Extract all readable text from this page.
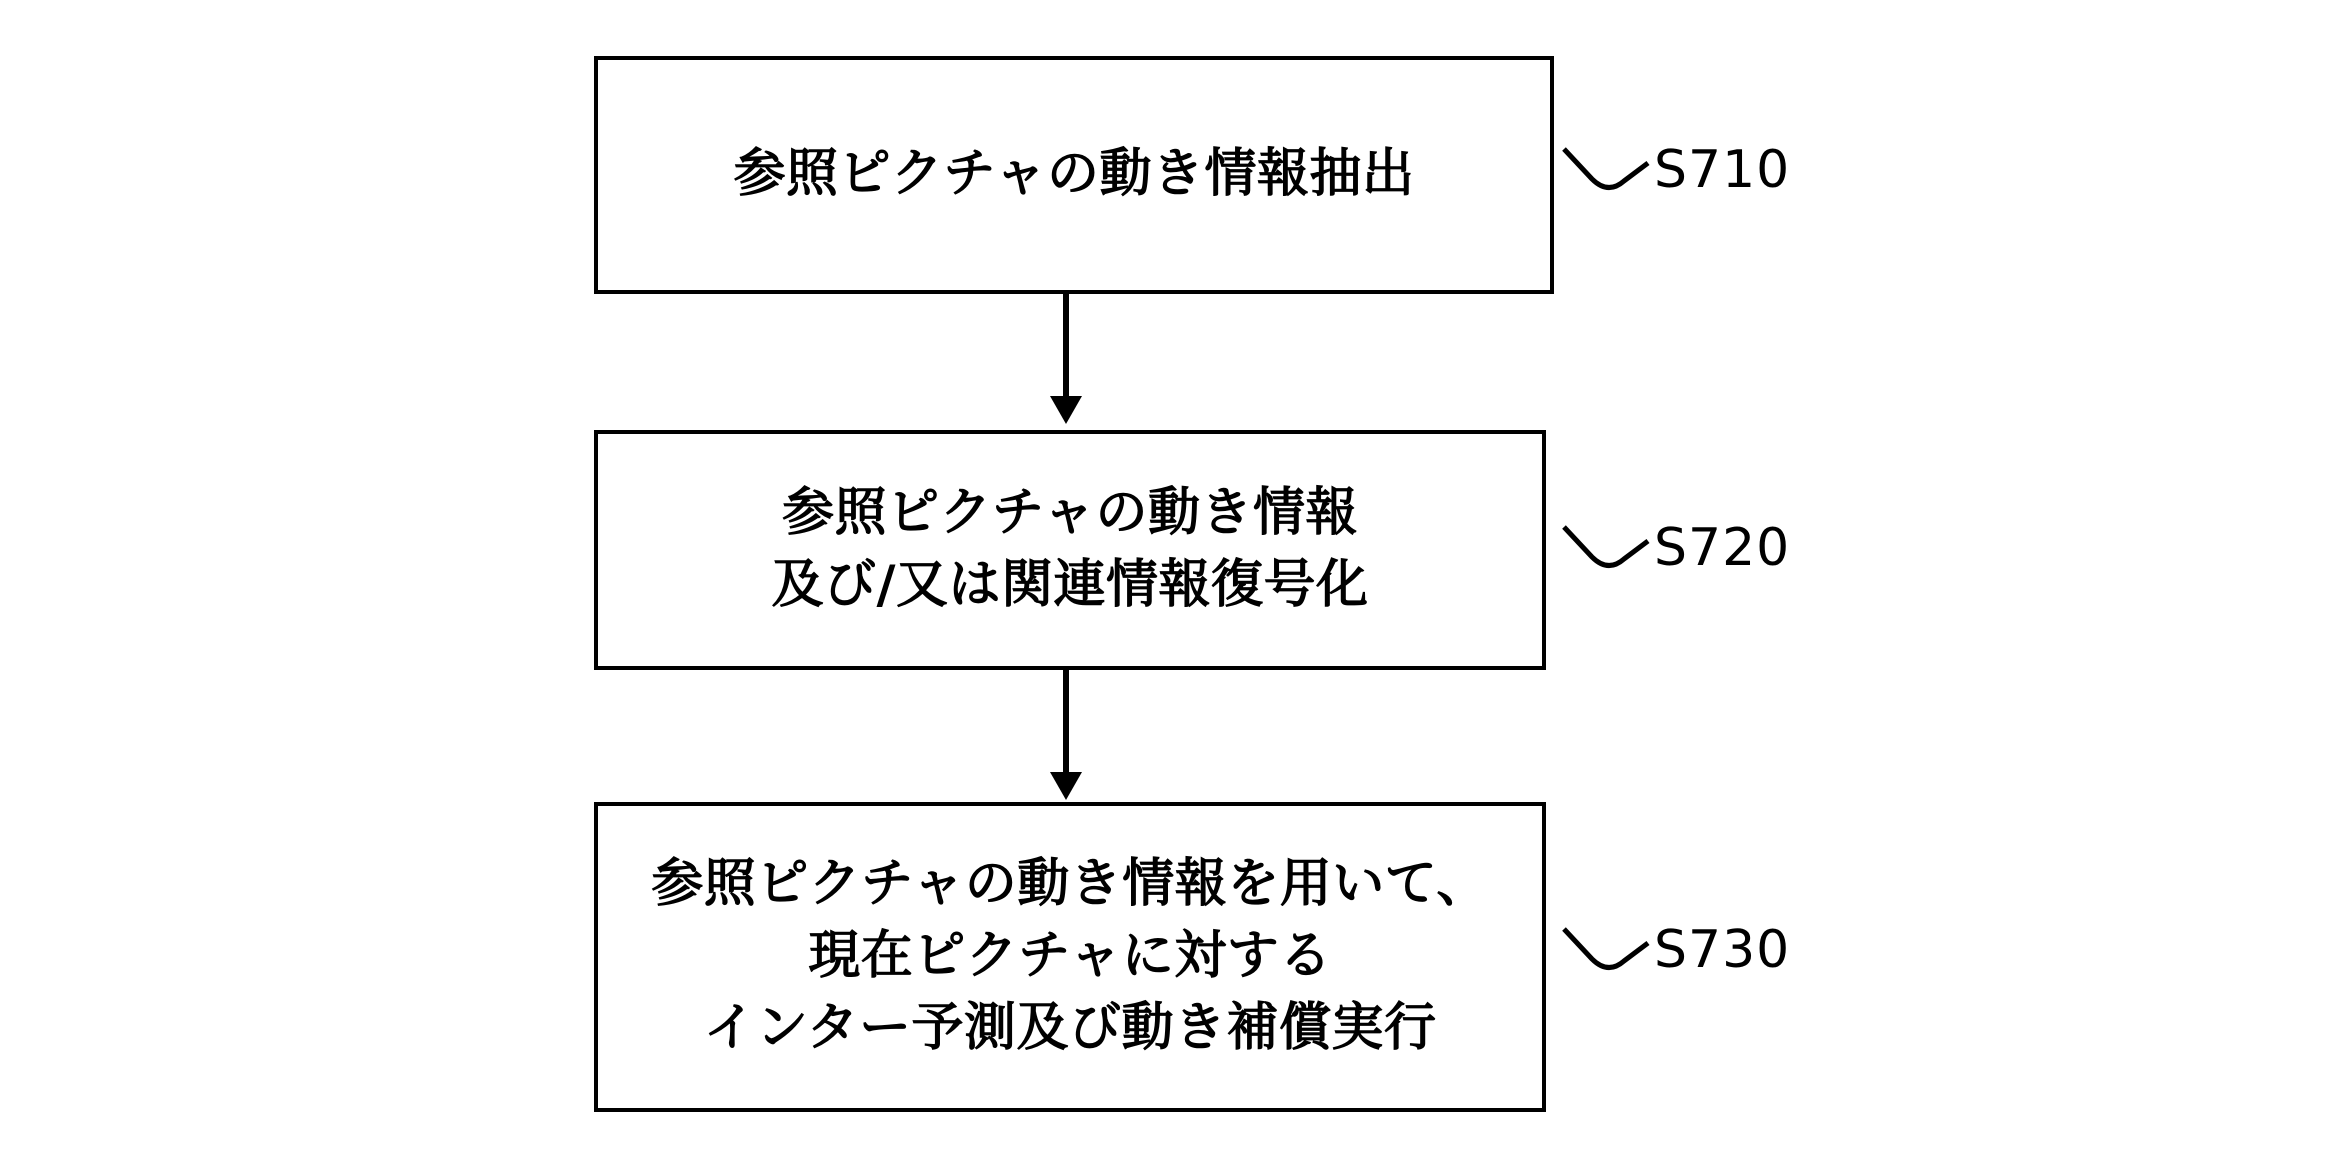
参照ピクチャの動き情報抽出
参照ピクチャの動き情報
及び/又は関連情報復号化
参照ピクチャの動き情報を用いて、
現在ピクチャに対する
インター予測及び動き補償実行
S710
S720
S730
